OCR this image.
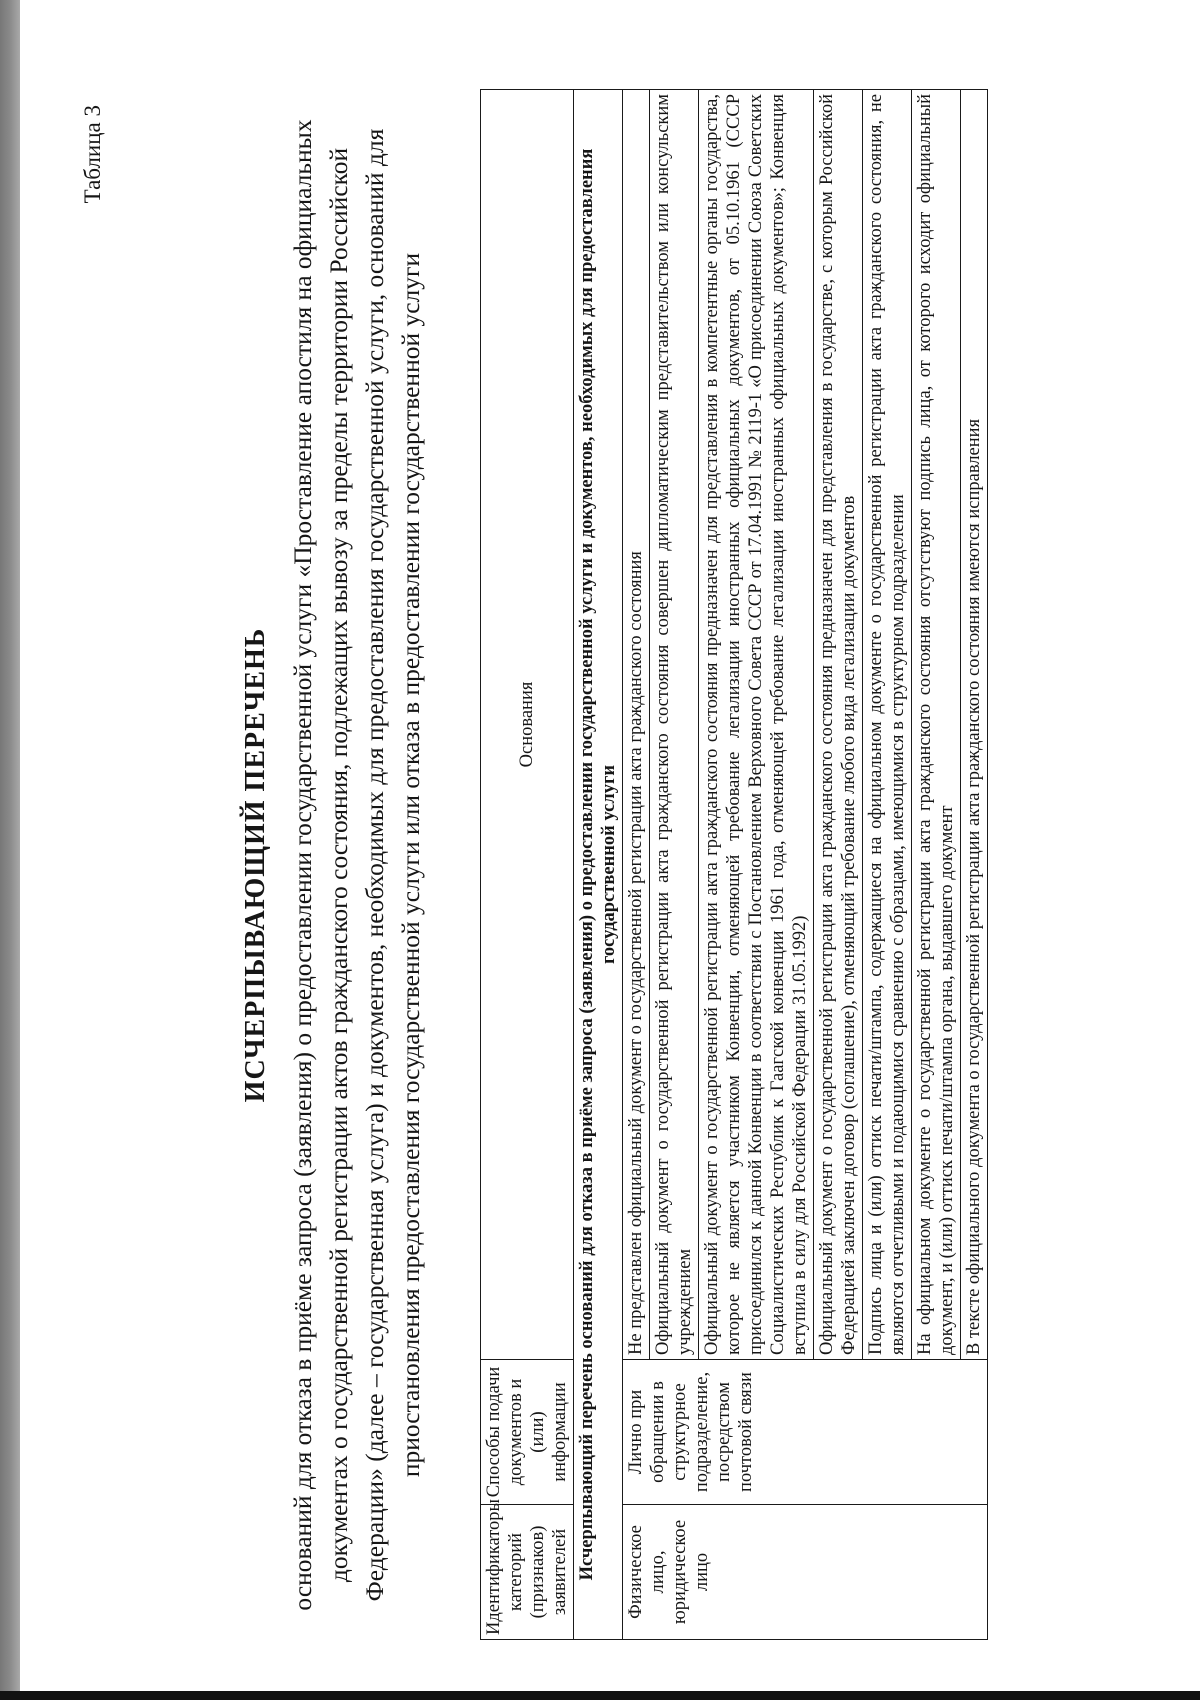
Таблица 3
ИСЧЕРПЫВАЮЩИЙ ПЕРЕЧЕНЬ оснований для отказа в приёме запроса (заявления) о предоставлении государственной услуги «Проставление апостиля на официальных документах о государственной регистрации актов гражданского состояния, подлежащих вывозу за пределы территории Российской Федерации» (далее – государственная услуга) и документов, необходимых для предоставления государственной услуги, оснований для приостановления предоставления государственной услуги или отказа в предоставлении государственной услуги

Идентификаторы категорий (признаков) заявителей	Способы подачи документов и (или) информации	Основания
Исчерпывающий перечень оснований для отказа в приёме запроса (заявления) о предоставлении государственной услуги и документов, необходимых для предоставления государственной услуги		
Физическое лицо, юридическое лицо	Лично при обращении в структурное подразделение, посредством почтовой связи	Не представлен официальный документ о государственной регистрации акта гражданского состояния
		Официальный документ о государственной регистрации акта гражданского состояния совершен дипломатическим представительством или консульским учреждением
		Официальный документ о государственной регистрации акта гражданского состояния предназначен для представления в компетентные органы государства, которое не является участником Конвенции, отменяющей требование легализации иностранных официальных документов, от 05.10.1961 (СССР присоединился к данной Конвенции в соответствии с Постановлением Верховного Совета СССР от 17.04.1991 № 2119-1 «О присоединении Союза Советских Социалистических Республик к Гаагской конвенции 1961 года, отменяющей требование легализации иностранных официальных документов»; Конвенция вступила в силу для Российской Федерации 31.05.1992)
		Официальный документ о государственной регистрации акта гражданского состояния предназначен для представления в государстве, с которым Российской Федерацией заключен договор (соглашение), отменяющий требование любого вида легализации документов
		Подпись лица и (или) оттиск печати/штампа, содержащиеся на официальном документе о государственной регистрации акта гражданского состояния, не являются отчетливыми и подающимися сравнению с образцами, имеющимися в структурном подразделении
		На официальном документе о государственной регистрации акта гражданского состояния отсутствуют подпись лица, от которого исходит официальный документ, и (или) оттиск печати/штампа органа, выдавшего документ
		В тексте официального документа о государственной регистрации акта гражданского состояния имеются исправления
